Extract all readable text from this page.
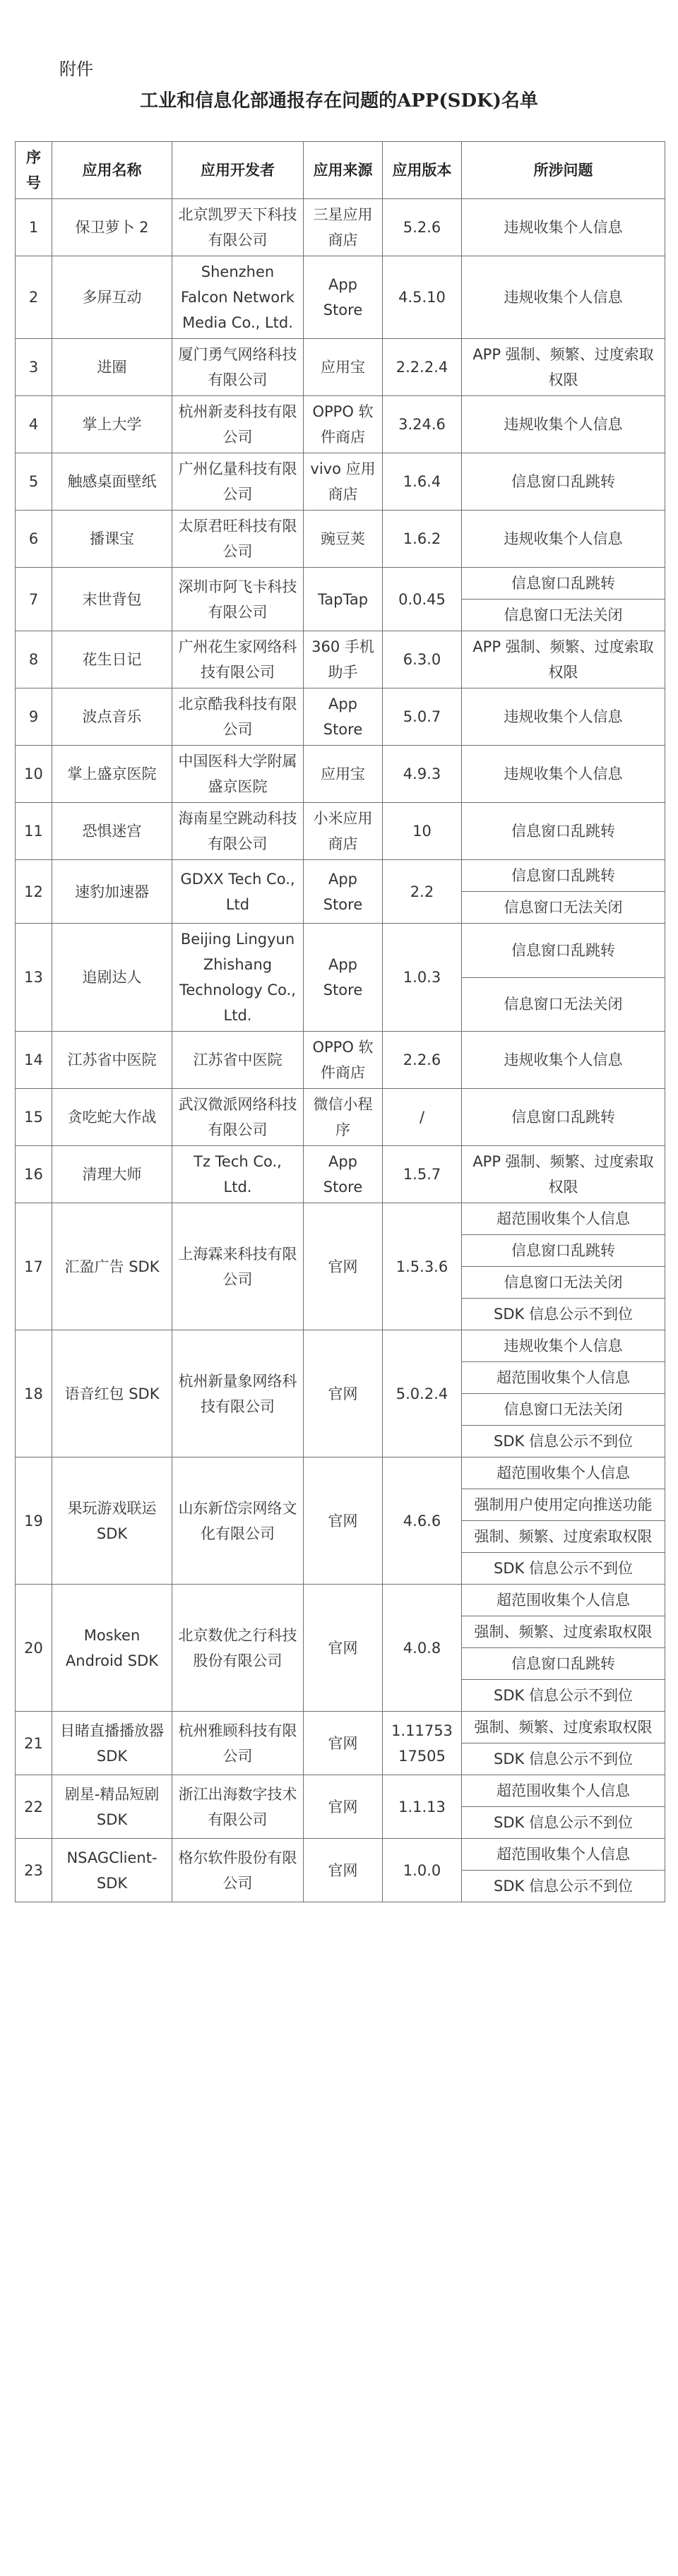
附件
工业和信息化部通报存在问题的APP(SDK)名单
序号	应用名称	应用开发者	应用来源	应用版本	所涉问题
1	保卫萝卜 2	北京凯罗天下科技有限公司	三星应用商店	5.2.6	违规收集个人信息
2	多屏互动	Shenzhen Falcon Network Media Co., Ltd.	App Store	4.5.10	违规收集个人信息
3	进圈	厦门勇气网络科技有限公司	应用宝	2.2.2.4	APP 强制、频繁、过度索取权限
4	掌上大学	杭州新麦科技有限公司	OPPO 软件商店	3.24.6	违规收集个人信息
5	触感桌面壁纸	广州亿量科技有限公司	vivo 应用商店	1.6.4	信息窗口乱跳转
6	播课宝	太原君旺科技有限公司	豌豆荚	1.6.2	违规收集个人信息
7	末世背包	深圳市阿飞卡科技有限公司	TapTap	0.0.45	信息窗口乱跳转
					信息窗口无法关闭
8	花生日记	广州花生家网络科技有限公司	360 手机助手	6.3.0	APP 强制、频繁、过度索取权限
9	波点音乐	北京酷我科技有限公司	App Store	5.0.7	违规收集个人信息
10	掌上盛京医院	中国医科大学附属盛京医院	应用宝	4.9.3	违规收集个人信息
11	恐惧迷宫	海南星空跳动科技有限公司	小米应用商店	10	信息窗口乱跳转
12	速豹加速器	GDXX Tech Co., Ltd	App Store	2.2	信息窗口乱跳转
					信息窗口无法关闭
13	追剧达人	Beijing Lingyun Zhishang Technology Co., Ltd.	App Store	1.0.3	信息窗口乱跳转
					信息窗口无法关闭
14	江苏省中医院	江苏省中医院	OPPO 软件商店	2.2.6	违规收集个人信息
15	贪吃蛇大作战	武汉微派网络科技有限公司	微信小程序	/	信息窗口乱跳转
16	清理大师	Tz Tech Co., Ltd.	App Store	1.5.7	APP 强制、频繁、过度索取权限
17	汇盈广告 SDK	上海霖来科技有限公司	官网	1.5.3.6	超范围收集个人信息
					信息窗口乱跳转
					信息窗口无法关闭
					SDK 信息公示不到位
18	语音红包 SDK	杭州新量象网络科技有限公司	官网	5.0.2.4	违规收集个人信息
					超范围收集个人信息
					信息窗口无法关闭
					SDK 信息公示不到位
19	果玩游戏联运 SDK	山东新岱宗网络文化有限公司	官网	4.6.6	超范围收集个人信息
					强制用户使用定向推送功能
					强制、频繁、过度索取权限
					SDK 信息公示不到位
20	Mosken Android SDK	北京数优之行科技股份有限公司	官网	4.0.8	超范围收集个人信息
					强制、频繁、过度索取权限
					信息窗口乱跳转
					SDK 信息公示不到位
21	目睹直播播放器 SDK	杭州雅顾科技有限公司	官网	1.1175317505	强制、频繁、过度索取权限
					SDK 信息公示不到位
22	剧星-精品短剧 SDK	浙江出海数字技术有限公司	官网	1.1.13	超范围收集个人信息
					SDK 信息公示不到位
23	NSAGClient-SDK	格尔软件股份有限公司	官网	1.0.0	超范围收集个人信息
					SDK 信息公示不到位
